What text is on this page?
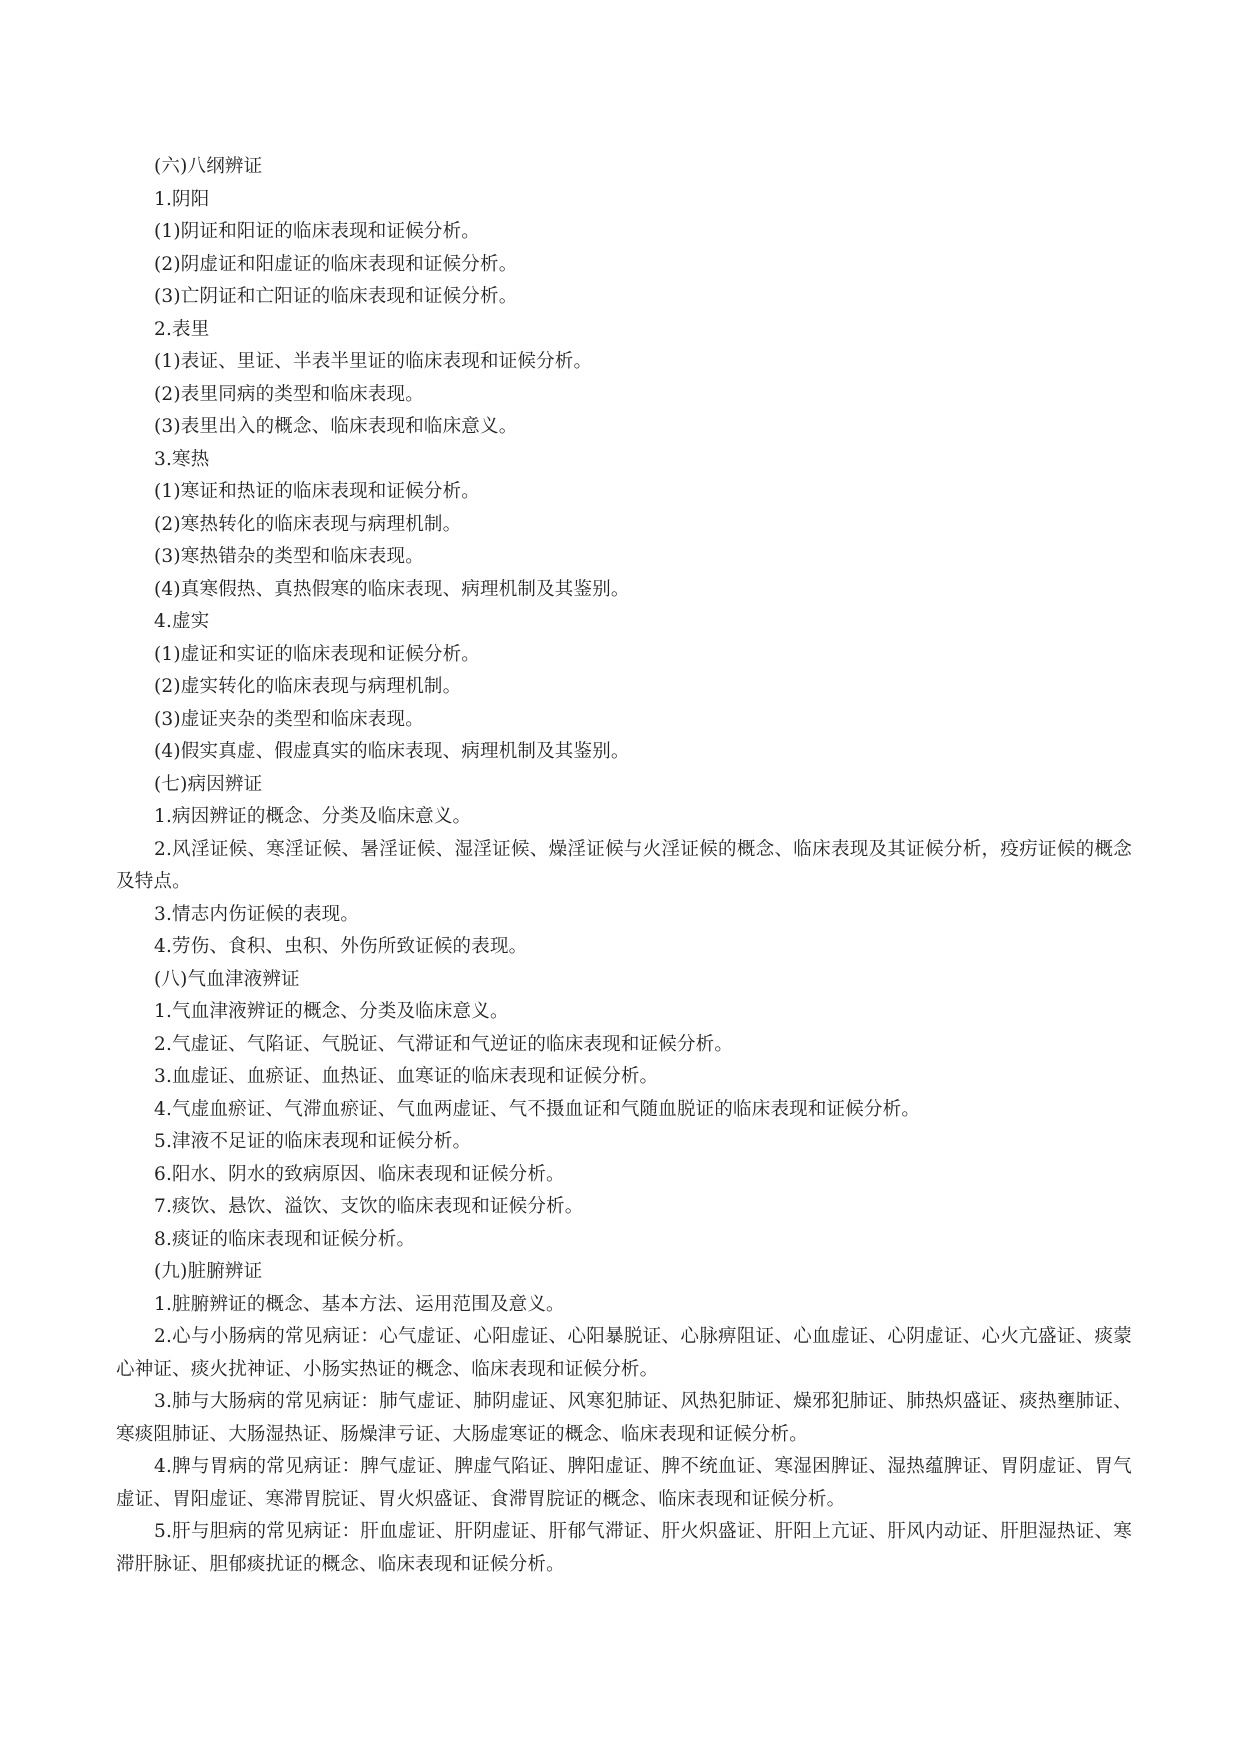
(六)八纲辨证

1.阴阳

(1)阴证和阳证的临床表现和证候分析。

(2)阴虚证和阳虚证的临床表现和证候分析。

(3)亡阴证和亡阳证的临床表现和证候分析。

2.表里

(1)表证、里证、半表半里证的临床表现和证候分析。

(2)表里同病的类型和临床表现。

(3)表里出入的概念、临床表现和临床意义。

3.寒热

(1)寒证和热证的临床表现和证候分析。

(2)寒热转化的临床表现与病理机制。

(3)寒热错杂的类型和临床表现。

(4)真寒假热、真热假寒的临床表现、病理机制及其鉴别。

4.虚实

(1)虚证和实证的临床表现和证候分析。

(2)虚实转化的临床表现与病理机制。

(3)虚证夹杂的类型和临床表现。

(4)假实真虚、假虚真实的临床表现、病理机制及其鉴别。

(七)病因辨证

1.病因辨证的概念、分类及临床意义。

2.风淫证候、寒淫证候、暑淫证候、湿淫证候、燥淫证候与火淫证候的概念、临床表现及其证候分析，疫疠证候的概念及特点。

3.情志内伤证候的表现。

4.劳伤、食积、虫积、外伤所致证候的表现。

(八)气血津液辨证

1.气血津液辨证的概念、分类及临床意义。

2.气虚证、气陷证、气脱证、气滞证和气逆证的临床表现和证候分析。

3.血虚证、血瘀证、血热证、血寒证的临床表现和证候分析。

4.气虚血瘀证、气滞血瘀证、气血两虚证、气不摄血证和气随血脱证的临床表现和证候分析。

5.津液不足证的临床表现和证候分析。

6.阳水、阴水的致病原因、临床表现和证候分析。

7.痰饮、悬饮、溢饮、支饮的临床表现和证候分析。

8.痰证的临床表现和证候分析。

(九)脏腑辨证

1.脏腑辨证的概念、基本方法、运用范围及意义。

2.心与小肠病的常见病证：心气虚证、心阳虚证、心阳暴脱证、心脉痹阻证、心血虚证、心阴虚证、心火亢盛证、痰蒙心神证、痰火扰神证、小肠实热证的概念、临床表现和证候分析。

3.肺与大肠病的常见病证：肺气虚证、肺阴虚证、风寒犯肺证、风热犯肺证、燥邪犯肺证、肺热炽盛证、痰热壅肺证、寒痰阻肺证、大肠湿热证、肠燥津亏证、大肠虚寒证的概念、临床表现和证候分析。

4.脾与胃病的常见病证：脾气虚证、脾虚气陷证、脾阳虚证、脾不统血证、寒湿困脾证、湿热蕴脾证、胃阴虚证、胃气虚证、胃阳虚证、寒滞胃脘证、胃火炽盛证、食滞胃脘证的概念、临床表现和证候分析。

5.肝与胆病的常见病证：肝血虚证、肝阴虚证、肝郁气滞证、肝火炽盛证、肝阳上亢证、肝风内动证、肝胆湿热证、寒滞肝脉证、胆郁痰扰证的概念、临床表现和证候分析。
